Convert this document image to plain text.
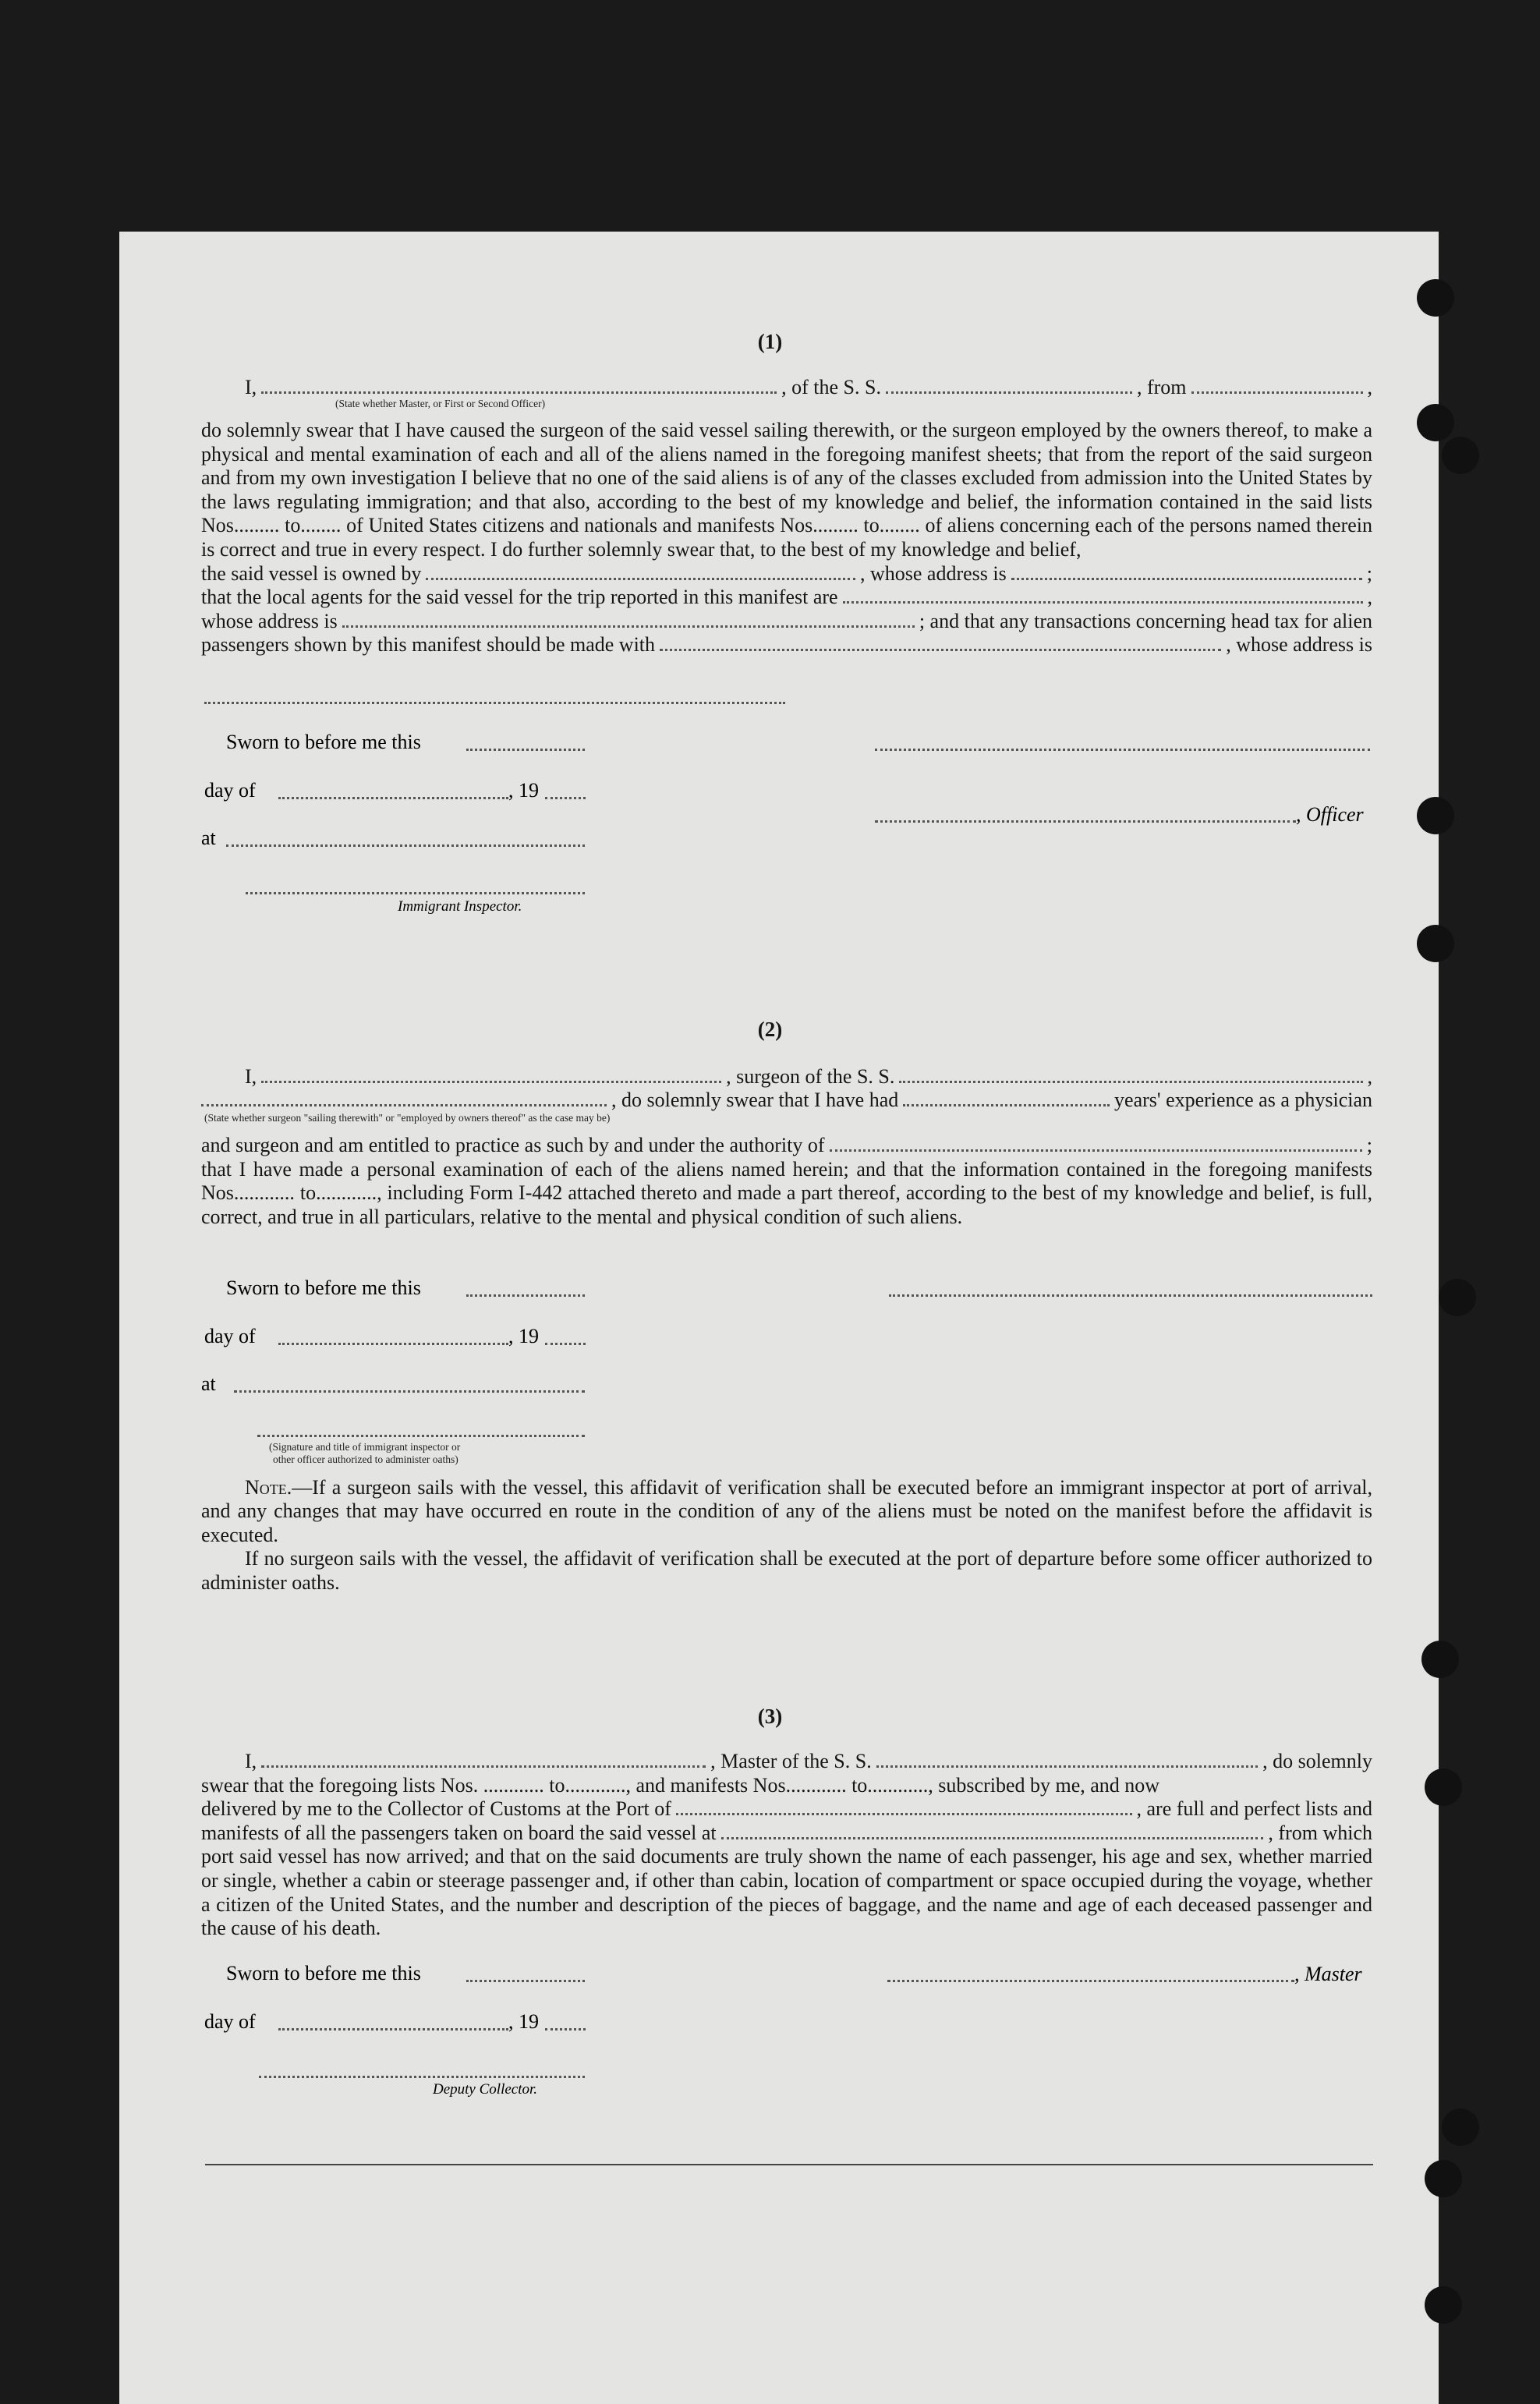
(1)
I,	, of the S. S.	, from	,
(State whether Master, or First or Second Officer)

do solemnly swear that I have caused the surgeon of the said vessel sailing therewith, or the surgeon employed by the owners thereof, to make a physical and mental examination of each and all of the aliens named in the foregoing manifest sheets; that from the report of the said surgeon and from my own investigation I believe that no one of the said aliens is of any of the classes excluded from admission into the United States by the laws regulating immigration; and that also, according to the best of my knowledge and belief, the information contained in the said lists Nos......... to........ of United States citizens and nationals and manifests Nos......... to........ of aliens concerning each of the persons named therein is correct and true in every respect. I do further solemnly swear that, to the best of my knowledge and belief,

the said vessel is owned by	, whose address is	;
that the local agents for the said vessel for the trip reported in this manifest are	,
whose address is	; and that any transactions concerning head tax for alien
passengers shown by this manifest should be made with	, whose address is
Sworn to before me this
day of	, 19
, Officer
at
Immigrant Inspector.
(2)
I,	, surgeon of the S. S.	,
, do solemnly swear that I have had	years' experience as a physician
(State whether surgeon "sailing therewith" or "employed by owners thereof" as the case may be)
and surgeon and am entitled to practice as such by and under the authority of	;

that I have made a personal examination of each of the aliens named herein; and that the information contained in the foregoing manifests Nos............ to............, including Form I-442 attached thereto and made a part thereof, according to the best of my knowledge and belief, is full, correct, and true in all particulars, relative to the mental and physical condition of such aliens.

Sworn to before me this
day of	, 19
at
(Signature and title of immigrant inspector or
other officer authorized to administer oaths)

Note.—If a surgeon sails with the vessel, this affidavit of verification shall be executed before an immigrant inspector at port of arrival, and any changes that may have occurred en route in the condition of any of the aliens must be noted on the manifest before the affidavit is executed.

If no surgeon sails with the vessel, the affidavit of verification shall be executed at the port of departure before some officer authorized to administer oaths.

(3)
I,	, Master of the S. S.	, do solemnly
swear that the foregoing lists Nos. ............ to............, and manifests Nos............ to............, subscribed by me, and now
delivered by me to the Collector of Customs at the Port of	, are full and perfect lists and
manifests of all the passengers taken on board the said vessel at	, from which

port said vessel has now arrived; and that on the said documents are truly shown the name of each passenger, his age and sex, whether married or single, whether a cabin or steerage passenger and, if other than cabin, location of compartment or space occupied during the voyage, whether a citizen of the United States, and the number and description of the pieces of baggage, and the name and age of each deceased passenger and the cause of his death.

Sworn to before me this	, Master
day of	, 19
Deputy Collector.
